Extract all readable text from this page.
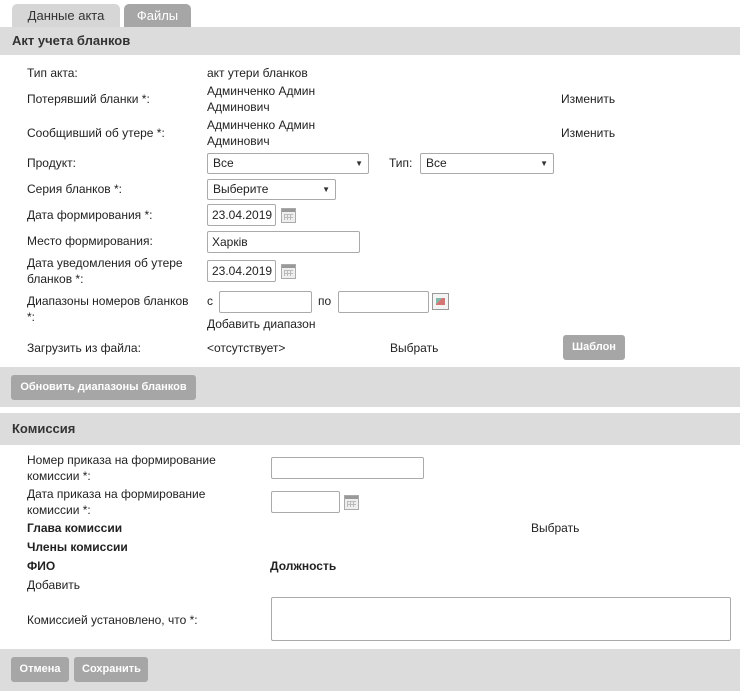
Данные акта	Файлы
Акт учета бланков
Тип акта:	акт утери бланков
Потерявший бланки *:
Админченко Админ
Админович
Изменить
Сообщивший об утере *:
Админченко Админ
Админович
Изменить
Продукт:	Все	▼ Тип:	Все	▼
Серия бланков *:	Выберите	▼
Дата формирования *:
23.04.2019
Место формирования:
Харків
Дата уведомления об утере
бланков *:
23.04.2019
Диапазоны номеров бланков
*:
с	по
Добавить диапазон
Загрузить из файла:	<отсутствует>	Выбрать	Шаблон
Обновить диапазоны бланков
Комиссия
Номер приказа на формирование
комиссии *:
Дата приказа на формирование
комиссии *:
Глава комиссии	Выбрать
Члены комиссии
ФИО	Должность
Добавить
Комиссией установлено, что *:
Отмена	Сохранить
